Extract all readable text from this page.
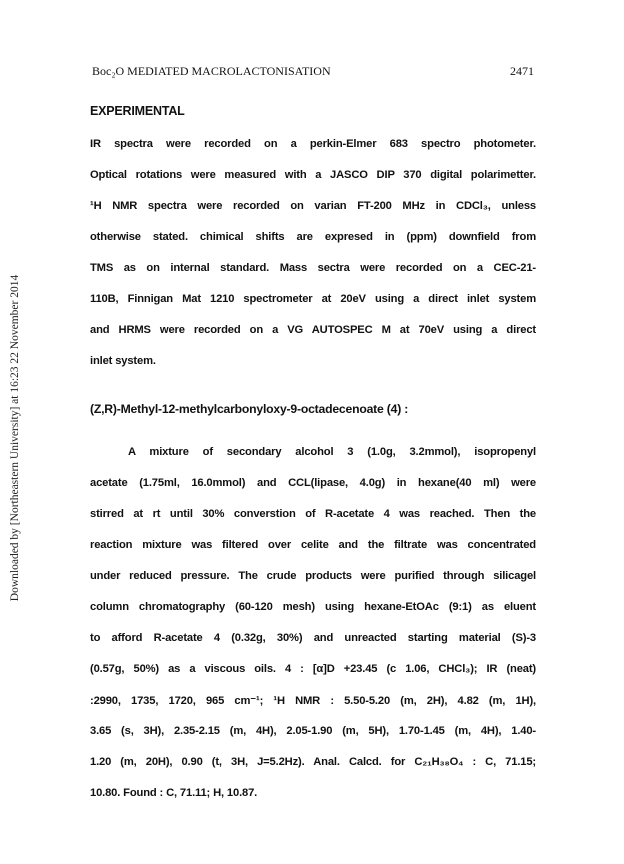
Downloaded by [Northeastern University] at 16:23 22 November 2014
Boc₂O MEDIATED MACROLACTONISATION	2471
EXPERIMENTAL
IR spectra were recorded on a perkin-Elmer 683 spectro photometer.
Optical rotations were measured with a JASCO DIP 370 digital polarimetter.
¹H NMR spectra were recorded on varian FT-200 MHz in CDCl₃, unless
otherwise stated. chimical shifts are expresed in (ppm) downfield from
TMS as on internal standard. Mass sectra were recorded on a CEC-21-
110B, Finnigan Mat 1210 spectrometer at 20eV using a direct inlet system
and HRMS were recorded on a VG AUTOSPEC M at 70eV using a direct
inlet system.
(Z,R)-Methyl-12-methylcarbonyloxy-9-octadecenoate (4) :
A mixture of secondary alcohol 3 (1.0g, 3.2mmol), isopropenyl
acetate (1.75ml, 16.0mmol) and CCL(lipase, 4.0g) in hexane(40 ml) were
stirred at rt until 30% converstion of R-acetate 4 was reached. Then the
reaction mixture was filtered over celite and the filtrate was concentrated
under reduced pressure. The crude products were purified through silicagel
column chromatography (60-120 mesh) using hexane-EtOAc (9:1) as eluent
to afford R-acetate 4 (0.32g, 30%) and unreacted starting material (S)-3
(0.57g, 50%) as a viscous oils. 4 : [α]D +23.45 (c 1.06, CHCl₃); IR (neat)
:2990, 1735, 1720, 965 cm⁻¹; ¹H NMR : 5.50-5.20 (m, 2H), 4.82 (m, 1H),
3.65 (s, 3H), 2.35-2.15 (m, 4H), 2.05-1.90 (m, 5H), 1.70-1.45 (m, 4H), 1.40-
1.20 (m, 20H), 0.90 (t, 3H, J=5.2Hz). Anal. Calcd. for C₂₁H₃₈O₄ : C, 71.15;
10.80. Found : C, 71.11; H, 10.87.
